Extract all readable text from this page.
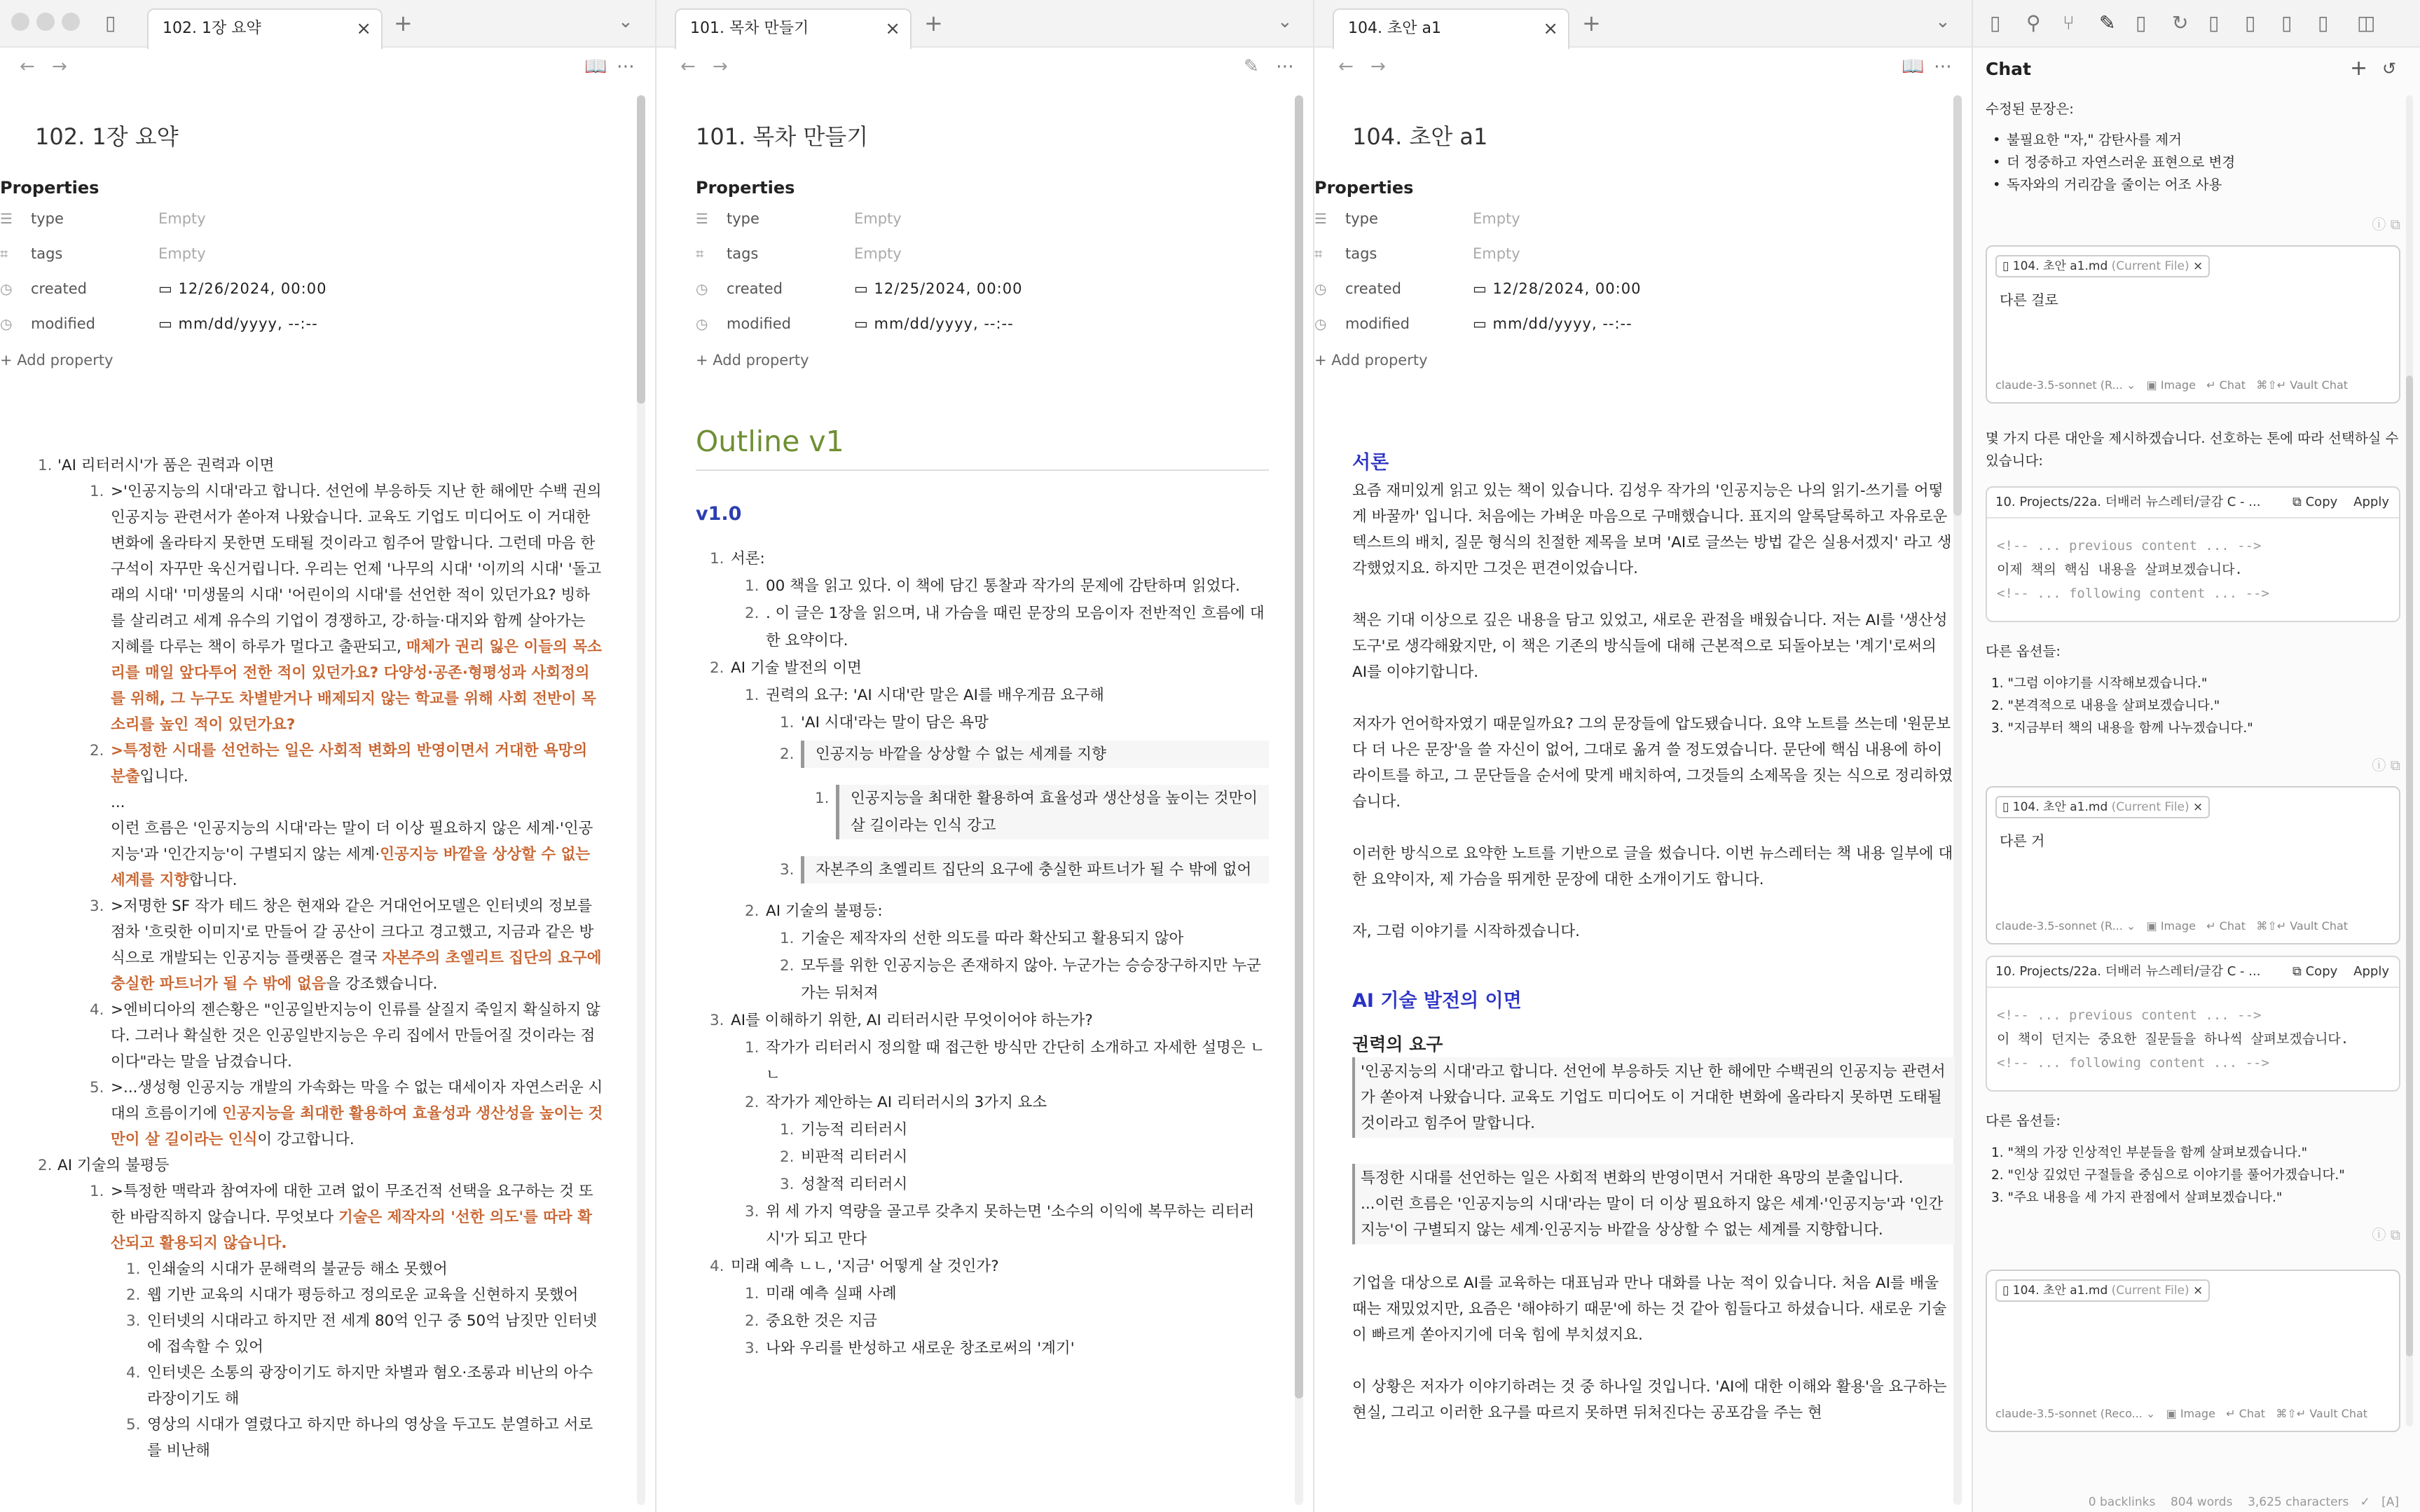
▯	102. 1장 요약	× +	⌄
← →	📖 ⋯
102. 1장 요약
Properties
☰ type	Empty
⌗ tags	Empty
◷ created	▭ 12/26/2024, 00:00
◷ modified	▭ mm/dd/yyyy, --:--
+ Add property
1. 'AI 리터러시'가 품은 권력과 이면
1. >'인공지능의 시대'라고 합니다. 선언에 부응하듯 지난 한 해에만 수백 권의 인공지능 관련서가 쏟아져 나왔습니다. 교육도 기업도 미디어도 이 거대한 변화에 올라타지 못한면 도태될 것이라고 힘주어 말합니다. 그런데 마음 한 구석이 자꾸만 욱신거립니다. 우리는 언제 '나무의 시대' '이끼의 시대' '돌고래의 시대' '미생물의 시대' '어린이의 시대'를 선언한 적이 있던가요? 빙하를 살리려고 세계 유수의 기업이 경쟁하고, 강·하늘·대지와 함께 살아가는 지혜를 다루는 책이 하루가 멀다고 출판되고, 매체가 권리 잃은 이들의 목소리를 매일 앞다투어 전한 적이 있던가요? 다양성·공존·형평성과 사회정의를 위해, 그 누구도 차별받거나 배제되지 않는 학교를 위해 사회 전반이 목소리를 높인 적이 있던가요?
2. >특정한 시대를 선언하는 일은 사회적 변화의 반영이면서 거대한 욕망의 분출입니다.
...
이런 흐름은 '인공지능의 시대'라는 말이 더 이상 필요하지 않은 세계·'인공지능'과 '인간지능'이 구별되지 않는 세계·인공지능 바깥을 상상할 수 없는 세계를 지향합니다.
3. >저명한 SF 작가 테드 창은 현재와 같은 거대언어모델은 인터넷의 정보를 점차 '흐릿한 이미지'로 만들어 갈 공산이 크다고 경고했고, 지금과 같은 방식으로 개발되는 인공지능 플랫폼은 결국 자본주의 초엘리트 집단의 요구에 충실한 파트너가 될 수 밖에 없음을 강조했습니다.
4. >엔비디아의 젠슨황은 "인공일반지능이 인류를 살질지 죽일지 확실하지 않다. 그러나 확실한 것은 인공일반지능은 우리 집에서 만들어질 것이라는 점이다"라는 말을 남겼습니다.
5. >...생성형 인공지능 개발의 가속화는 막을 수 없는 대세이자 자연스러운 시대의 흐름이기에 인공지능을 최대한 활용하여 효율성과 생산성을 높이는 것만이 살 길이라는 인식이 강고합니다.
2. AI 기술의 불평등
1. >특정한 맥락과 참여자에 대한 고려 없이 무조건적 선택을 요구하는 것 또한 바람직하지 않습니다. 무엇보다 기술은 제작자의 '선한 의도'를 따라 확산되고 활용되지 않습니다.
1. 인쇄술의 시대가 문해력의 불균등 해소 못했어
2. 웹 기반 교육의 시대가 평등하고 정의로운 교육을 신현하지 못했어
3. 인터넷의 시대라고 하지만 전 세계 80억 인구 중 50억 남짓만 인터넷에 접속할 수 있어
4. 인터넷은 소통의 광장이기도 하지만 차별과 혐오·조롱과 비난의 아수라장이기도 해
5. 영상의 시대가 열렸다고 하지만 하나의 영상을 두고도 분열하고 서로를 비난해
101. 목차 만들기	× +	⌄
← →	✎ ⋯
101. 목차 만들기
Properties
☰ type	Empty
⌗ tags	Empty
◷ created	▭ 12/25/2024, 00:00
◷ modified	▭ mm/dd/yyyy, --:--
+ Add property
Outline v1
v1.0
1. 서론:
1. 00 책을 읽고 있다. 이 책에 담긴 통찰과 작가의 문제에 감탄하며 읽었다.
2. . 이 글은 1장을 읽으며, 내 가슴을 때린 문장의 모음이자 전반적인 흐름에 대한 요약이다.
2. AI 기술 발전의 이면
1. 권력의 요구: 'AI 시대'란 말은 AI를 배우게끔 요구해
1. 'AI 시대'라는 말이 담은 욕망
2.	인공지능 바깥을 상상할 수 없는 세계를 지향
1.	인공지능을 최대한 활용하여 효율성과 생산성을 높이는 것만이 살 길이라는 인식 강고
3.	자본주의 초엘리트 집단의 요구에 충실한 파트너가 될 수 밖에 없어
2. AI 기술의 불평등:
1. 기술은 제작자의 선한 의도를 따라 확산되고 활용되지 않아
2. 모두를 위한 인공지능은 존재하지 않아. 누군가는 승승장구하지만 누군가는 뒤처져
3. AI를 이해하기 위한, AI 리터러시란 무엇이어야 하는가?
1. 작가가 리터러시 정의할 때 접근한 방식만 간단히 소개하고 자세한 설명은 ㄴㄴ
2. 작가가 제안하는 AI 리터러시의 3가지 요소
1. 기능적 리터러시
2. 비판적 리터러시
3. 성찰적 리터러시
3. 위 세 가지 역량을 골고루 갖추지 못하는면 '소수의 이익에 복무하는 리터러시'가 되고 만다
4. 미래 예측 ㄴㄴ, '지금' 어떻게 살 것인가?
1. 미래 예측 실패 사례
2. 중요한 것은 지금
3. 나와 우리를 반성하고 새로운 창조로써의 '계기'
104. 초안 a1	× +	⌄
← →	📖 ⋯
104. 초안 a1
Properties
☰ type	Empty
⌗ tags	Empty
◷ created	▭ 12/28/2024, 00:00
◷ modified	▭ mm/dd/yyyy, --:--
+ Add property
서론

요즘 재미있게 읽고 있는 책이 있습니다. 김성우 작가의 '인공지능은 나의 읽기-쓰기를 어떻게 바꿀까' 입니다. 처음에는 가벼운 마음으로 구매했습니다. 표지의 알록달록하고 자유로운 텍스트의 배치, 질문 형식의 친절한 제목을 보며 'AI로 글쓰는 방법 같은 실용서겠지' 라고 생각했었지요. 하지만 그것은 편견이었습니다.

책은 기대 이상으로 깊은 내용을 담고 있었고, 새로운 관점을 배웠습니다. 저는 AI를 '생산성 도구'로 생각해왔지만, 이 책은 기존의 방식들에 대해 근본적으로 되돌아보는 '계기'로써의 AI를 이야기합니다.

저자가 언어학자였기 때문일까요? 그의 문장들에 압도됐습니다. 요약 노트를 쓰는데 '원문보다 더 나은 문장'을 쓸 자신이 없어, 그대로 옮겨 쓸 정도였습니다. 문단에 핵심 내용에 하이라이트를 하고, 그 문단들을 순서에 맞게 배치하여, 그것들의 소제목을 짓는 식으로 정리하였습니다.

이러한 방식으로 요약한 노트를 기반으로 글을 썼습니다. 이번 뉴스레터는 책 내용 일부에 대한 요약이자, 제 가슴을 뛰게한 문장에 대한 소개이기도 합니다.

자, 그럼 이야기를 시작하겠습니다.

AI 기술 발전의 이면
권력의 요구
'인공지능의 시대'라고 합니다. 선언에 부응하듯 지난 한 해에만 수백권의 인공지능 관련서가 쏟아져 나왔습니다. 교육도 기업도 미디어도 이 거대한 변화에 올라타지 못하면 도태될 것이라고 힘주어 말합니다.
특정한 시대를 선언하는 일은 사회적 변화의 반영이면서 거대한 욕망의 분출입니다.
...이런 흐름은 '인공지능의 시대'라는 말이 더 이상 필요하지 않은 세계·'인공지능'과 '인간지능'이 구별되지 않는 세계·인공지능 바깥을 상상할 수 없는 세계를 지향합니다.

기업을 대상으로 AI를 교육하는 대표님과 만나 대화를 나눈 적이 있습니다. 처음 AI를 배울 때는 재밌었지만, 요즘은 '해야하기 때문'에 하는 것 같아 힘들다고 하셨습니다. 새로운 기술이 빠르게 쏟아지기에 더욱 힘에 부치셨지요.

이 상황은 저자가 이야기하려는 것 중 하나일 것입니다. 'AI에 대한 이해와 활용'을 요구하는 현실, 그리고 이러한 요구를 따르지 못하면 뒤처진다는 공포감을 주는 현

▯ ⚲ ⑂ ✎ ▯ ↻ ▯ ▯ ▯ ▯ ◫
Chat	+ ↺
수정된 문장은:
• 불필요한 "자," 감탄사를 제거
• 더 정중하고 자연스러운 표현으로 변경
• 독자와의 거리감을 줄이는 어조 사용
ⓘ ⧉
▯ 104. 초안 a1.md (Current File) ×
다른 걸로
claude-3.5-sonnet (R... ⌄   ▣ Image   ↵ Chat   ⌘⇧↵ Vault Chat
몇 가지 다른 대안을 제시하겠습니다. 선호하는 톤에 따라 선택하실 수 있습니다:
10. Projects/22a. 더배러 뉴스레터/글감 C - ...	⧉ Copy Apply
<!-- ... previous content ... -->
이제 책의 핵심 내용을 살펴보겠습니다.
<!-- ... following content ... -->
다른 옵션들:
1. "그럼 이야기를 시작해보겠습니다."
2. "본격적으로 내용을 살펴보겠습니다."
3. "지금부터 책의 내용을 함께 나누겠습니다."
ⓘ ⧉
▯ 104. 초안 a1.md (Current File) ×
다른 거
claude-3.5-sonnet (R... ⌄   ▣ Image   ↵ Chat   ⌘⇧↵ Vault Chat
10. Projects/22a. 더배러 뉴스레터/글감 C - ...	⧉ Copy Apply
<!-- ... previous content ... -->
이 책이 던지는 중요한 질문들을 하나씩 살펴보겠습니다.
<!-- ... following content ... -->
다른 옵션들:
1. "책의 가장 인상적인 부분들을 함께 살펴보겠습니다."
2. "인상 깊었던 구절들을 중심으로 이야기를 풀어가겠습니다."
3. "주요 내용을 세 가지 관점에서 살펴보겠습니다."
ⓘ ⧉
▯ 104. 초안 a1.md (Current File) ×

claude-3.5-sonnet (Reco... ⌄   ▣ Image   ↵ Chat   ⌘⇧↵ Vault Chat
0 backlinks 804 words 3,625 characters ✓ [A]
